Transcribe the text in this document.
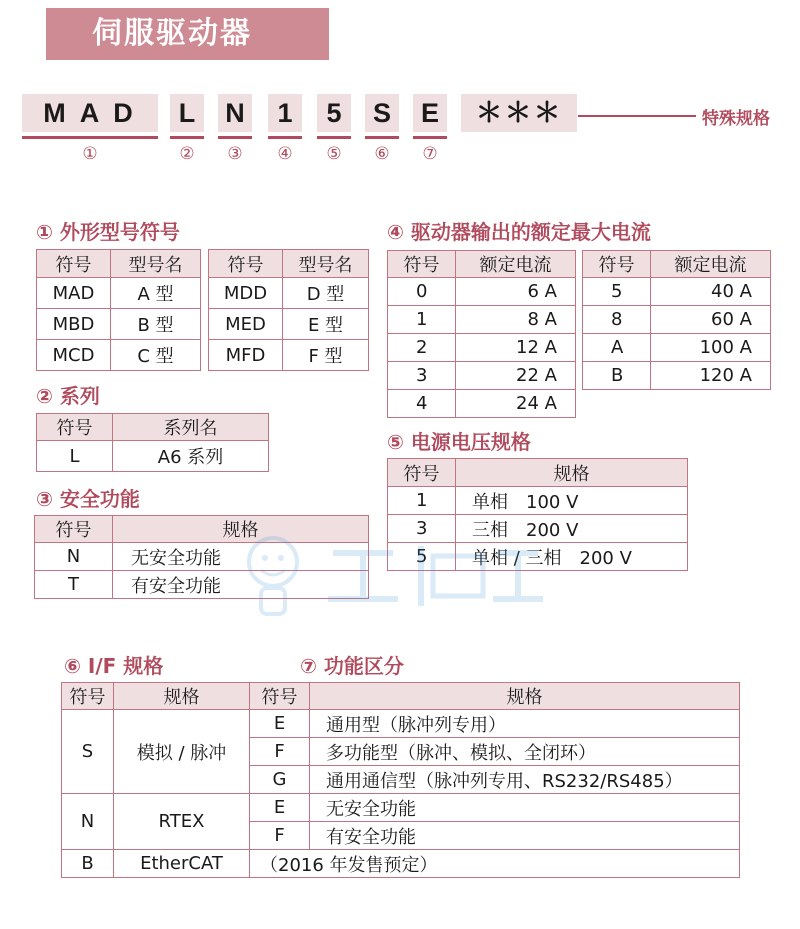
伺服驱动器
MAD	L	N	1	5	S E	＊＊＊
①	②	③	④	⑤	⑥	⑦
特殊规格
① 外形型号符号
符号	型号名
MAD	A 型
MBD	B 型
MCD	C 型
符号	型号名
MDD	D 型
MED	E 型
MFD	F 型
② 系列
符号	系列名
L	A6 系列
③ 安全功能
符号	规格
N	无安全功能
T	有安全功能
④ 驱动器输出的额定最大电流
符号	额定电流
0	6 A
1	8 A
2	12 A
3	22 A
4	24 A
符号	额定电流
5	40 A
8	60 A
A	100 A
B	120 A
⑤ 电源电压规格
符号	规格
1	单相　100 V
3	三相　200 V
5	单相 / 三相　200 V
⑥ I/F 规格	⑦ 功能区分
符号	规格	符号	规格
S	模拟 / 脉冲	E	通用型（脉冲列专用）
		F	多功能型（脉冲、模拟、全闭环）
		G	通用通信型（脉冲列专用、RS232/RS485）
N	RTEX	E	无安全功能
		F	有安全功能
B	EtherCAT	（2016 年发售预定）	
